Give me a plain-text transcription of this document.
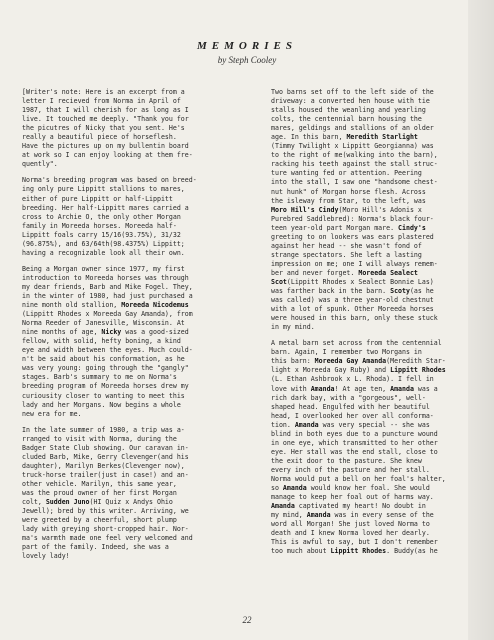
MEMORIES
by Steph Cooley

[Writer's note: Here is an excerpt from a
letter I recieved from Norma in April of
1987, that I will cherish for as long as I
live. It touched me deeply. "Thank you for
the picutres of Nicky that you sent. He's
really a beautiful piece of horseflesh.
Have the pictures up on my bullentin board
at work so I can enjoy looking at them fre-
quently".

Norma's breeding program was based on breed-
ing only pure Lippitt stallions to mares,
either of pure Lippitt or half-Lippitt
breeding. Her half-Lippitt mares carried a
cross to Archie O, the only other Morgan
family in Moreeda horses. Moreeda half-
Lippitt foals carry 15/16(93.75%), 31/32
(96.875%), and 63/64th(98.4375%) Lippitt;
having a recognizable look all their own.

Being a Morgan owner since 1977, my first
introduction to Moreeda horses was through
my dear friends, Barb and Mike Fogel. They,
in the winter of 1980, had just purchased a
nine month old stallion, Moreeda Nicodemus
(Lippitt Rhodes x Moreeda Gay Amanda), from
Norma Reeder of Janesville, Wisconsin. At
nine months of age, Nicky was a good-sized
fellow, with solid, hefty boning, a kind
eye and width between the eyes. Much could-
n't be said about his conformation, as he
was very young: going through the "gangly"
stages. Barb's summary to me on Norma's
breeding program of Moreeda horses drew my
curiousity closer to wanting to meet this
lady and her Morgans. Now begins a whole
new era for me.

In the late summer of 1980, a trip was a-
rranged to visit with Norma, during the
Badger State Club showing. Our caravan in-
cluded Barb, Mike, Gerry Clevenger(and his
daughter), Marilyn Berkes(Clevenger now),
truck-horse trailer(just in case!) and an-
other vehicle. Marilyn, this same year,
was the proud owner of her first Morgan
colt, Sudden Juno(HI Quiz x Andys Ohio
Jewell); bred by this writer. Arriving, we
were greeted by a cheerful, short plump
lady with greying short-cropped hair. Nor-
ma's warmth made one feel very welcomed and
part of the family. Indeed, she was a
lovely lady!

Two barns set off to the left side of the
driveway: a converted hen house with tie
stalls housed the weanling and yearling
colts, the centennial barn housing the
mares, geldings and stallions of an older
age. In this barn, Meredith Starlight
(Timmy Twilight x Lippitt Georgianna) was
to the right of me(walking into the barn),
racking his teeth against the stall struc-
ture wanting fed or attention. Peering
into the stall, I saw one "handsome chest-
nut hunk" of Morgan horse flesh. Across
the isleway from Star, to the left, was
Moro Hill's Cindy(Moro Hill's Adonis x
Purebred Saddlebred): Norma's black four-
teen year-old part Morgan mare. Cindy's
greeting to on lookers was ears plastered
against her head -- she wasn't fond of
strange spectators. She left a lasting
impression on me; one I will always remem-
ber and never forget. Moreeda Sealect
Scot(Lippitt Rhodes x Sealect Bonnie Las)
was farther back in the barn. Scoty(as he
was called) was a three year-old chestnut
with a lot of spunk. Other Moreeda horses
were housed in this barn, only these stuck
in my mind.

A metal barn set across from the centennial
barn. Again, I remember two Morgans in
this barn: Moreeda Gay Amanda(Meredith Star-
light x Moreeda Gay Ruby) and Lippitt Rhodes
(L. Ethan Ashbrook x L. Rhoda). I fell in
love with Amanda! At age ten, Amanda was a
rich dark bay, with a "gorgeous", well-
shaped head. Engulfed with her beautiful
head, I overlooked her over all conforma-
tion. Amanda was very special -- she was
blind in both eyes due to a puncture wound
in one eye, which transmitted to her other
eye. Her stall was the end stall, close to
the exit door to the pasture. She knew
every inch of the pasture and her stall.
Norma would put a bell on her foal's halter,
so Amanda would know her foal. She would
manage to keep her foal out of harms way.
Amanda captivated my heart! No doubt in
my mind, Amanda was in every sense of the
word all Morgan! She just loved Norma to
death and I knew Norma loved her dearly.
This is awful to say, but I don't remember
too much about Lippitt Rhodes. Buddy(as he

22
